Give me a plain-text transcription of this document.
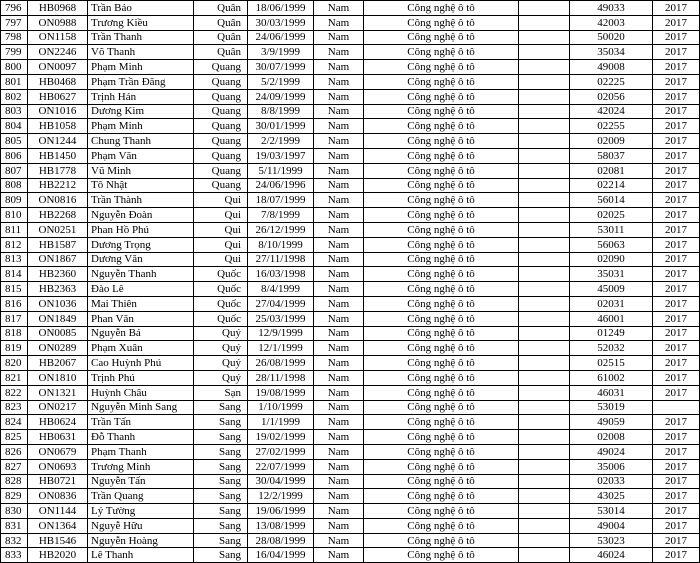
796	HB0968	Trần Bảo	Quân	18/06/1999	Nam	Công nghệ ô tô		49033	2017
797	ON0988	Trương Kiều	Quân	30/03/1999	Nam	Công nghệ ô tô		42003	2017
798	ON1158	Trần Thanh	Quân	24/06/1999	Nam	Công nghệ ô tô		50020	2017
799	ON2246	Võ Thanh	Quân	3/9/1999	Nam	Công nghệ ô tô		35034	2017
800	ON0097	Phạm Minh	Quang	30/07/1999	Nam	Công nghệ ô tô		49008	2017
801	HB0468	Phạm Trần Đăng	Quang	5/2/1999	Nam	Công nghệ ô tô		02225	2017
802	HB0627	Trịnh Hán	Quang	24/09/1999	Nam	Công nghệ ô tô		02056	2017
803	ON1016	Dương Kim	Quang	8/8/1999	Nam	Công nghệ ô tô		42024	2017
804	HB1058	Phạm Minh	Quang	30/01/1999	Nam	Công nghệ ô tô		02255	2017
805	ON1244	Chung Thanh	Quang	2/2/1999	Nam	Công nghệ ô tô		02009	2017
806	HB1450	Phạm Văn	Quang	19/03/1997	Nam	Công nghệ ô tô		58037	2017
807	HB1778	Vũ Minh	Quang	5/11/1999	Nam	Công nghệ ô tô		02081	2017
808	HB2212	Tô Nhật	Quang	24/06/1996	Nam	Công nghệ ô tô		02214	2017
809	ON0816	Trần Thành	Qui	18/07/1999	Nam	Công nghệ ô tô		56014	2017
810	HB2268	Nguyễn Đoàn	Qui	7/8/1999	Nam	Công nghệ ô tô		02025	2017
811	ON0251	Phan Hồ Phú	Qui	26/12/1999	Nam	Công nghệ ô tô		53011	2017
812	HB1587	Dương Trọng	Qui	8/10/1999	Nam	Công nghệ ô tô		56063	2017
813	ON1867	Dương Văn	Qui	27/11/1998	Nam	Công nghệ ô tô		02090	2017
814	HB2360	Nguyễn Thanh	Quốc	16/03/1998	Nam	Công nghệ ô tô		35031	2017
815	HB2363	Đào Lê	Quốc	8/4/1999	Nam	Công nghệ ô tô		45009	2017
816	ON1036	Mai Thiên	Quốc	27/04/1999	Nam	Công nghệ ô tô		02031	2017
817	ON1849	Phan Văn	Quốc	25/03/1999	Nam	Công nghệ ô tô		46001	2017
818	ON0085	Nguyễn Bá	Quý	12/9/1999	Nam	Công nghệ ô tô		01249	2017
819	ON0289	Phạm Xuân	Quý	12/1/1999	Nam	Công nghệ ô tô		52032	2017
820	HB2067	Cao Huỳnh Phú	Quý	26/08/1999	Nam	Công nghệ ô tô		02515	2017
821	ON1810	Trịnh Phú	Quý	28/11/1998	Nam	Công nghệ ô tô		61002	2017
822	ON1321	Huỳnh Châu	Sạn	19/08/1999	Nam	Công nghệ ô tô		46031	2017
823	ON0217	Nguyễn Minh Sang	Sang	1/10/1999	Nam	Công nghệ ô tô		53019	
824	HB0624	Trần Tấn	Sang	1/1/1999	Nam	Công nghệ ô tô		49059	2017
825	HB0631	Đỗ Thanh	Sang	19/02/1999	Nam	Công nghệ ô tô		02008	2017
826	ON0679	Phạm Thanh	Sang	27/02/1999	Nam	Công nghệ ô tô		49024	2017
827	ON0693	Trương Minh	Sang	22/07/1999	Nam	Công nghệ ô tô		35006	2017
828	HB0721	Nguyễn Tấn	Sang	30/04/1999	Nam	Công nghệ ô tô		02033	2017
829	ON0836	Trần Quang	Sang	12/2/1999	Nam	Công nghệ ô tô		43025	2017
830	ON1144	Lý Tường	Sang	19/06/1999	Nam	Công nghệ ô tô		53014	2017
831	ON1364	Nguyễ Hữu	Sang	13/08/1999	Nam	Công nghệ ô tô		49004	2017
832	HB1546	Nguyễn Hoàng	Sang	28/08/1999	Nam	Công nghệ ô tô		53023	2017
833	HB2020	Lê Thanh	Sang	16/04/1999	Nam	Công nghệ ô tô		46024	2017
